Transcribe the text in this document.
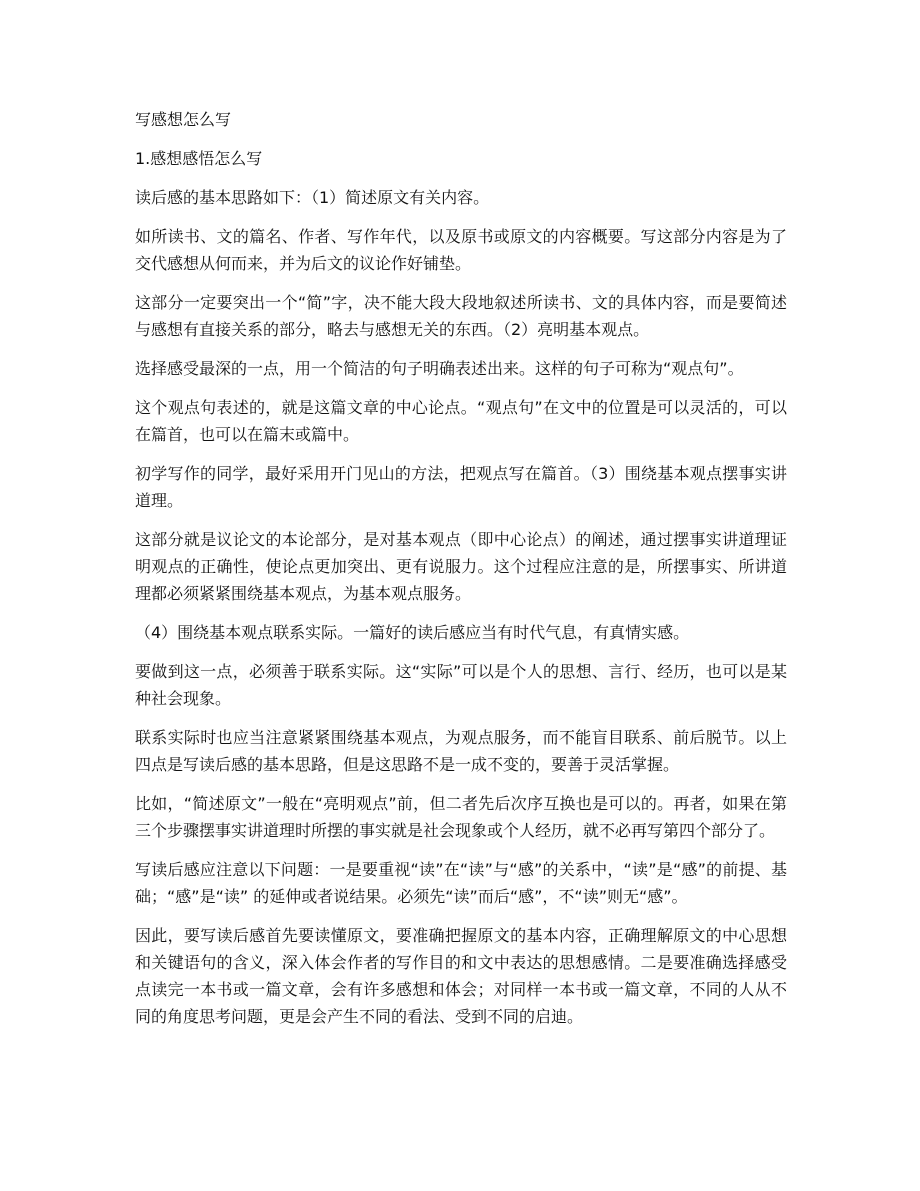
写感想怎么写

1.感想感悟怎么写

读后感的基本思路如下：（1）简述原文有关内容。

如所读书、文的篇名、作者、写作年代，以及原书或原文的内容概要。写这部分内容是为了交代感想从何而来，并为后文的议论作好铺垫。

这部分一定要突出一个“简”字，决不能大段大段地叙述所读书、文的具体内容，而是要简述与感想有直接关系的部分，略去与感想无关的东西。（2）亮明基本观点。

选择感受最深的一点，用一个简洁的句子明确表述出来。这样的句子可称为“观点句”。

这个观点句表述的，就是这篇文章的中心论点。“观点句”在文中的位置是可以灵活的，可以在篇首，也可以在篇末或篇中。

初学写作的同学，最好采用开门见山的方法，把观点写在篇首。（3）围绕基本观点摆事实讲道理。

这部分就是议论文的本论部分，是对基本观点（即中心论点）的阐述，通过摆事实讲道理证明观点的正确性，使论点更加突出、更有说服力。这个过程应注意的是，所摆事实、所讲道理都必须紧紧围绕基本观点，为基本观点服务。

（4）围绕基本观点联系实际。一篇好的读后感应当有时代气息，有真情实感。

要做到这一点，必须善于联系实际。这“实际”可以是个人的思想、言行、经历，也可以是某种社会现象。

联系实际时也应当注意紧紧围绕基本观点，为观点服务，而不能盲目联系、前后脱节。以上四点是写读后感的基本思路，但是这思路不是一成不变的，要善于灵活掌握。

比如，“简述原文”一般在“亮明观点”前，但二者先后次序互换也是可以的。再者，如果在第三个步骤摆事实讲道理时所摆的事实就是社会现象或个人经历，就不必再写第四个部分了。

写读后感应注意以下问题：一是要重视“读”在“读”与“感”的关系中，“读”是“感”的前提、基础；“感”是“读” 的延伸或者说结果。必须先“读”而后“感”，不“读”则无“感”。

因此，要写读后感首先要读懂原文，要准确把握原文的基本内容，正确理解原文的中心思想和关键语句的含义，深入体会作者的写作目的和文中表达的思想感情。二是要准确选择感受点读完一本书或一篇文章，会有许多感想和体会；对同样一本书或一篇文章，不同的人从不同的角度思考问题，更是会产生不同的看法、受到不同的启迪。
